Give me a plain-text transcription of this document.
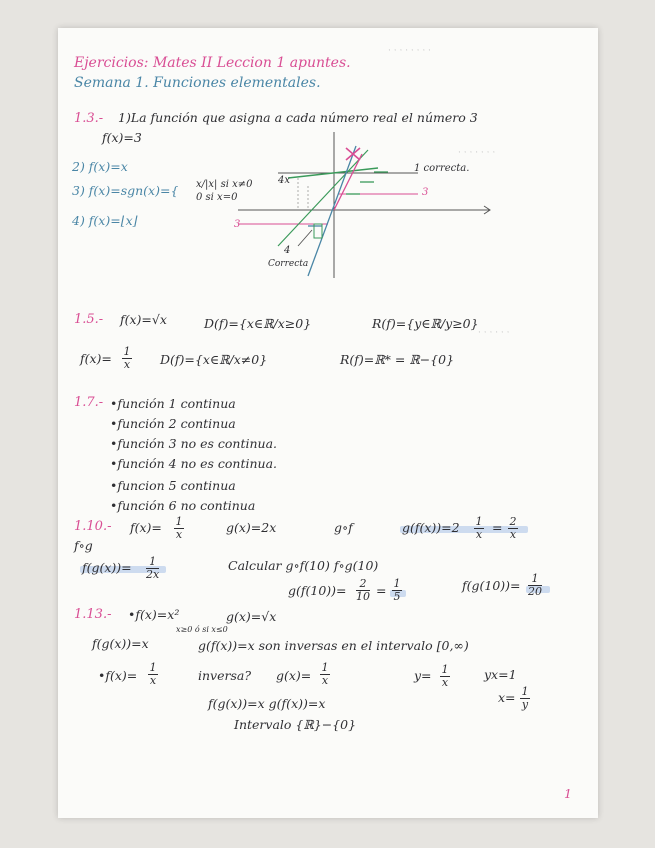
· · · · · · · ·
· · · · · · ·
· · · · · ·
Ejercicios: Mates II Leccion 1 apuntes.
Semana 1. Funciones elementales.
1.3.- 1)La función que asigna a cada número real el número 3
f(x)=3
2) f(x)=x
3) f(x)=sgn(x)={ x/|x| si x≠0
0 si x=0
4) f(x)=⌊x⌋
1 correcta.
3
3
4x
4
Correcta
1.5.- f(x)=√x	D(f)={x∈ℝ/x≥0}	R(f)={y∈ℝ/y≥0}
f(x)= 1
x D(f)={x∈ℝ/x≠0}	R(f)=ℝ* = ℝ−{0}
1.7.- •función 1 continua
•función 2 continua
•función 3 no es continua.
•función 4 no es continua.
•funcion 5 continua
•función 6 no continua
1.10.- f(x)= 1
x	g(x)=2x	g∘f	g(f(x))=2 1
x = 2
x
f∘g
f(g(x))= 1
2x
Calcular g∘f(10) f∘g(10)
g(f(10))= 2
10 = 1
5
f(g(10))= 1
20
1.13.- •f(x)=x²	g(x)=√x
x≥0 ó si x≤0
f(g(x))=x	g(f(x))=x son inversas en el intervalo [0,∞)
•f(x)=
1
x	inversa? g(x)=
1
x	y= 1
x
yx=1
x= 1
y
f(g(x))=x g(f(x))=x
Intervalo {ℝ}−{0}
1
